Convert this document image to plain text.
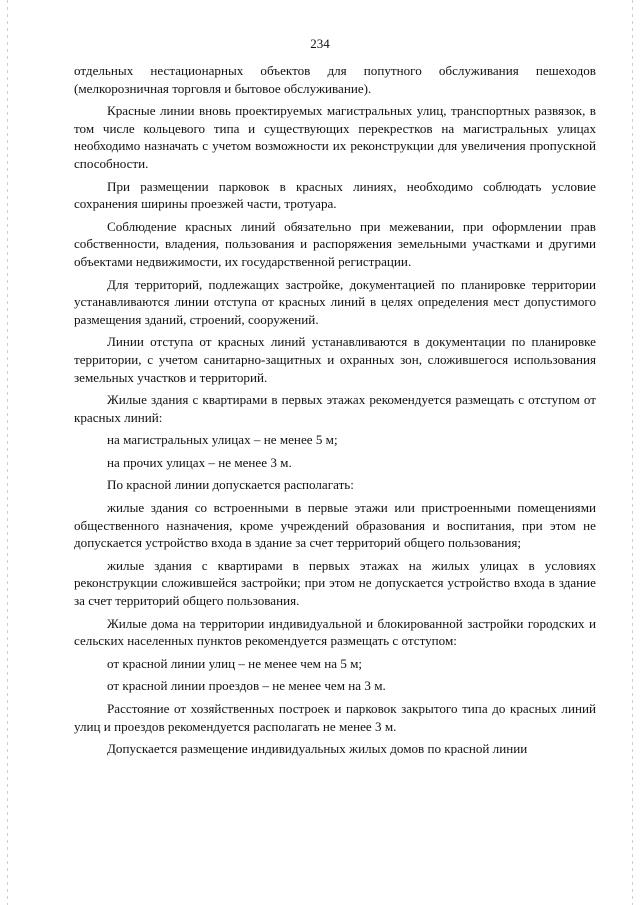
234

отдельных нестационарных объектов для попутного обслуживания пешеходов (мелкорозничная торговля и бытовое обслуживание).

Красные линии вновь проектируемых магистральных улиц, транспортных развязок, в том числе кольцевого типа и существующих перекрестков на магистральных улицах необходимо назначать с учетом возможности их реконструкции для увеличения пропускной способности.

При размещении парковок в красных линиях, необходимо соблюдать условие сохранения ширины проезжей части, тротуара.

Соблюдение красных линий обязательно при межевании, при оформлении прав собственности, владения, пользования и распоряжения земельными участками и другими объектами недвижимости, их государственной регистрации.

Для территорий, подлежащих застройке, документацией по планировке территории устанавливаются линии отступа от красных линий в целях определения мест допустимого размещения зданий, строений, сооружений.

Линии отступа от красных линий устанавливаются в документации по планировке территории, с учетом санитарно-защитных и охранных зон, сложившегося использования земельных участков и территорий.

Жилые здания с квартирами в первых этажах рекомендуется размещать с отступом от красных линий:

на магистральных улицах – не менее 5 м;

на прочих улицах – не менее 3 м.

По красной линии допускается располагать:

жилые здания со встроенными в первые этажи или пристроенными помещениями общественного назначения, кроме учреждений образования и воспитания, при этом не допускается устройство входа в здание за счет территорий общего пользования;

жилые здания с квартирами в первых этажах на жилых улицах в условиях реконструкции сложившейся застройки; при этом не допускается устройство входа в здание за счет территорий общего пользования.

Жилые дома на территории индивидуальной и блокированной застройки городских и сельских населенных пунктов рекомендуется размещать с отступом:

от красной линии улиц – не менее чем на 5 м;

от красной линии проездов – не менее чем на 3 м.

Расстояние от хозяйственных построек и парковок закрытого типа до красных линий улиц и проездов рекомендуется располагать не менее 3 м.

Допускается размещение индивидуальных жилых домов по красной линии
